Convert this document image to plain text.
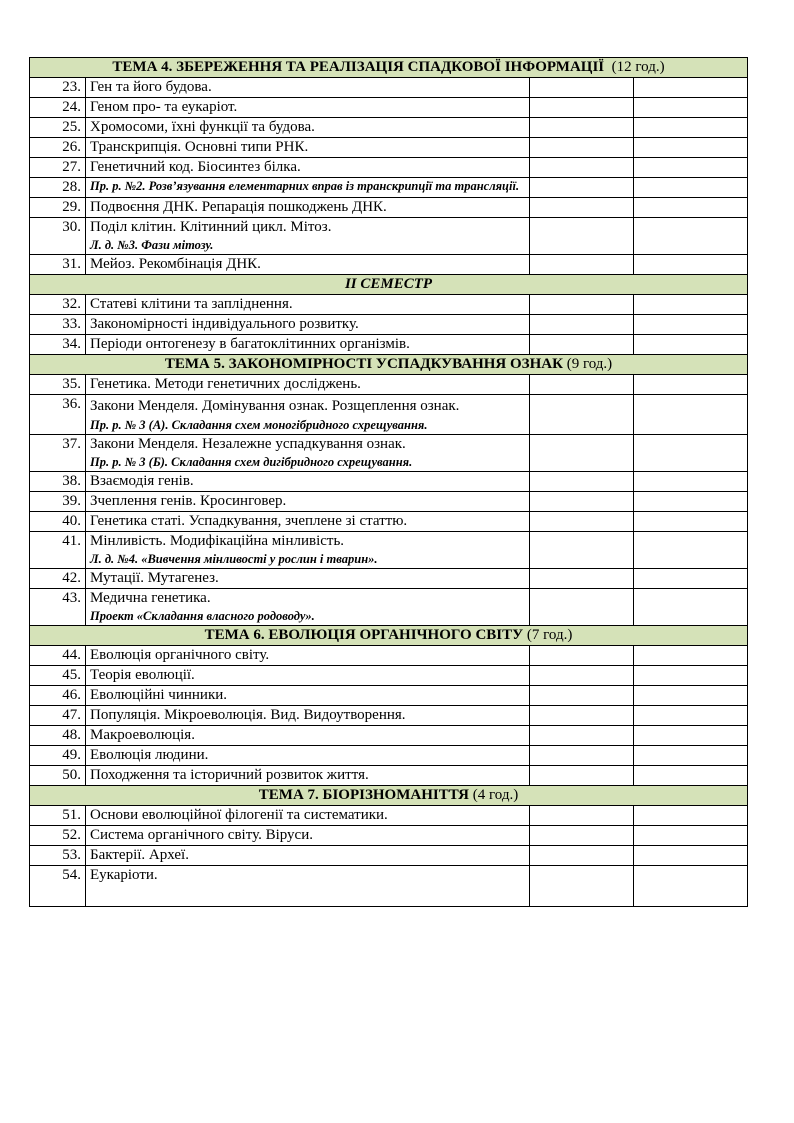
ТЕМА 4. ЗБЕРЕЖЕННЯ ТА РЕАЛІЗАЦІЯ СПАДКОВОЇ ІНФОРМАЦІЇ (12 год.)			
23.	Ген та його будова.		
24.	Геном про- та еукаріот.		
25.	Хромосоми, їхні функції та будова.		
26.	Транскрипція. Основні типи РНК.		
27.	Генетичний код. Біосинтез білка.		
28.	Пр. р. №2. Розв’язування елементарних вправ із транскрипції та трансляції.		

29.	Подвоєння ДНК. Репарація пошкоджень ДНК.		
30.	Поділ клітин. Клітинний цикл. Мітоз.
Л. д. №3. Фази мітозу.		

31.	Мейоз. Рекомбінація ДНК.		
II СЕМЕСТР			
32.	Статеві клітини та запліднення.		
33.	Закономірності індивідуального розвитку.		
34.	Періоди онтогенезу в багатоклітинних організмів.		
ТЕМА 5. ЗАКОНОМІРНОСТІ УСПАДКУВАННЯ ОЗНАК (9 год.)			
35.	Генетика. Методи генетичних досліджень.		
36.	Закони Менделя. Домінування ознак. Розщеплення ознак.
Пр. р. № 3 (А). Складання схем моногібридного схрещування.		

37.	Закони Менделя. Незалежне успадкування ознак.
Пр. р. № 3 (Б). Складання схем дигібридного схрещування.		

38.	Взаємодія генів.		
39.	Зчеплення генів. Кросинговер.		
40.	Генетика статі. Успадкування, зчеплене зі статтю.		
41.	Мінливість. Модифікаційна мінливість.
Л. д. №4. «Вивчення мінливості у рослин і тварин».		

42.	Мутації. Мутагенез.		
43.	Медична генетика.
Проект «Складання власного родоводу».		

ТЕМА 6. ЕВОЛЮЦІЯ ОРГАНІЧНОГО СВІТУ (7 год.)			
44.	Еволюція органічного світу.		
45.	Теорія еволюції.		
46.	Еволюційні чинники.		
47.	Популяція. Мікроеволюція. Вид. Видоутворення.		
48.	Макроеволюція.		
49.	Еволюція людини.		
50.	Походження та історичний розвиток життя.		
ТЕМА 7. БІОРІЗНОМАНІТТЯ (4 год.)			
51.	Основи еволюційної філогенії та систематики.		
52.	Система органічного світу. Віруси.		
53.	Бактерії. Археї.		
54.	Еукаріоти.		
